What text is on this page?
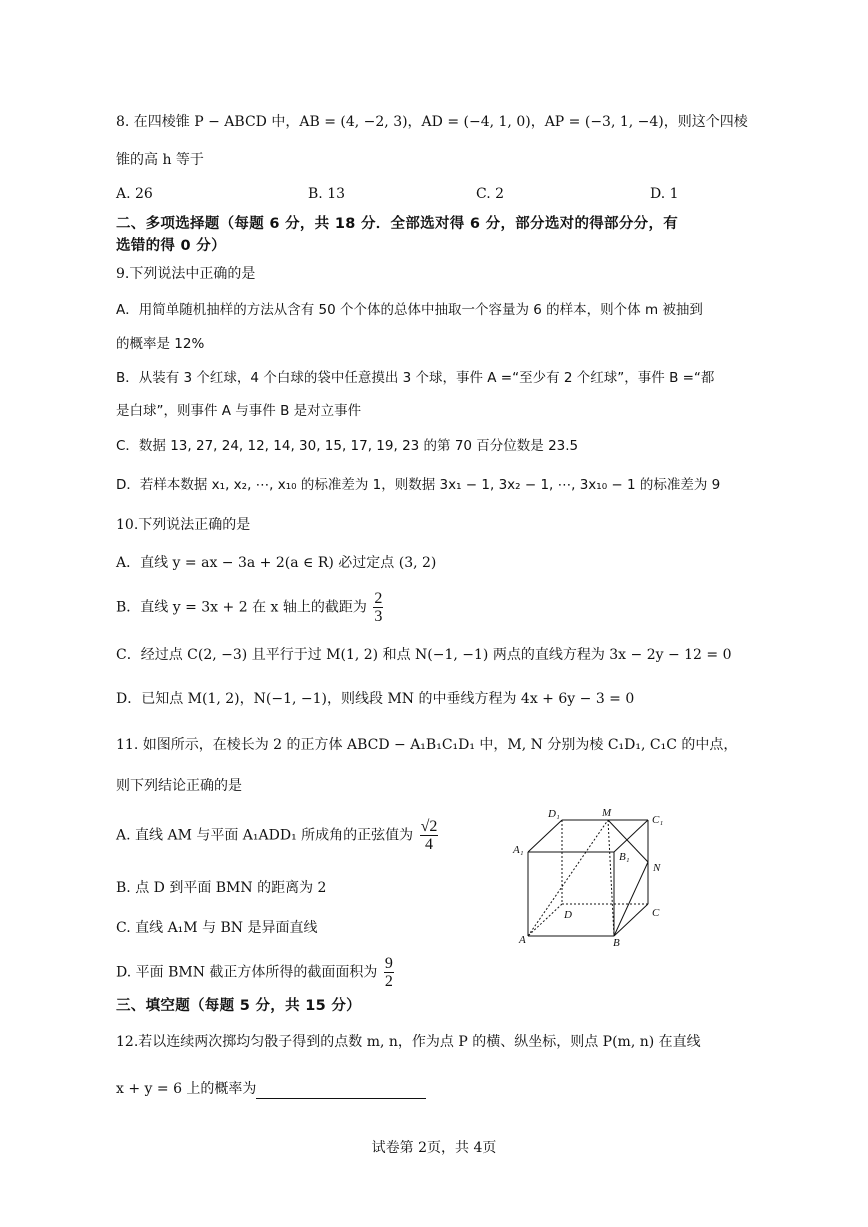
8. 在四棱锥 P − ABCD 中，AB = (4, −2, 3)，AD = (−4, 1, 0)，AP = (−3, 1, −4)，则这个四棱
锥的高 h 等于
A. 26	B. 13	C. 2	D. 1
二、多项选择题（每题 6 分，共 18 分．全部选对得 6 分，部分选对的得部分分，有
选错的得 0 分）
9.下列说法中正确的是
A．用简单随机抽样的方法从含有 50 个个体的总体中抽取一个容量为 6 的样本，则个体 m 被抽到
的概率是 12%
B．从装有 3 个红球，4 个白球的袋中任意摸出 3 个球，事件 A =“至少有 2 个红球”，事件 B =“都
是白球”，则事件 A 与事件 B 是对立事件
C．数据 13, 27, 24, 12, 14, 30, 15, 17, 19, 23 的第 70 百分位数是 23.5
D．若样本数据 x₁, x₂, ⋯, x₁₀ 的标准差为 1，则数据 3x₁ − 1, 3x₂ − 1, ⋯, 3x₁₀ − 1 的标准差为 9
10.下列说法正确的是
A．直线 y = ax − 3a + 2(a ∈ R) 必过定点 (3, 2)
B．直线 y = 3x + 2 在 x 轴上的截距为 $\frac{2}{3}$
C．经过点 C(2, −3) 且平行于过 M(1, 2) 和点 N(−1, −1) 两点的直线方程为 3x − 2y − 12 = 0
D．已知点 M(1, 2)，N(−1, −1)，则线段 MN 的中垂线方程为 4x + 6y − 3 = 0
11. 如图所示，在棱长为 2 的正方体 ABCD − A₁B₁C₁D₁ 中，M, N 分别为棱 C₁D₁, C₁C 的中点，
则下列结论正确的是
A. 直线 AM 与平面 A₁ADD₁ 所成角的正弦值为 $\frac{√2}{4}$
B. 点 D 到平面 BMN 的距离为 2
C. 直线 A₁M 与 BN 是异面直线
D. 平面 BMN 截正方体所得的截面面积为 $\frac{9}{2}$
D₁	M
C₁
A₁
B₁
N
D	C
A	B
三、填空题（每题 5 分，共 15 分）
12.若以连续两次掷均匀骰子得到的点数 m, n，作为点 P 的横、纵坐标，则点 P(m, n) 在直线
x + y = 6 上的概率为
试卷第 2页，共 4页
